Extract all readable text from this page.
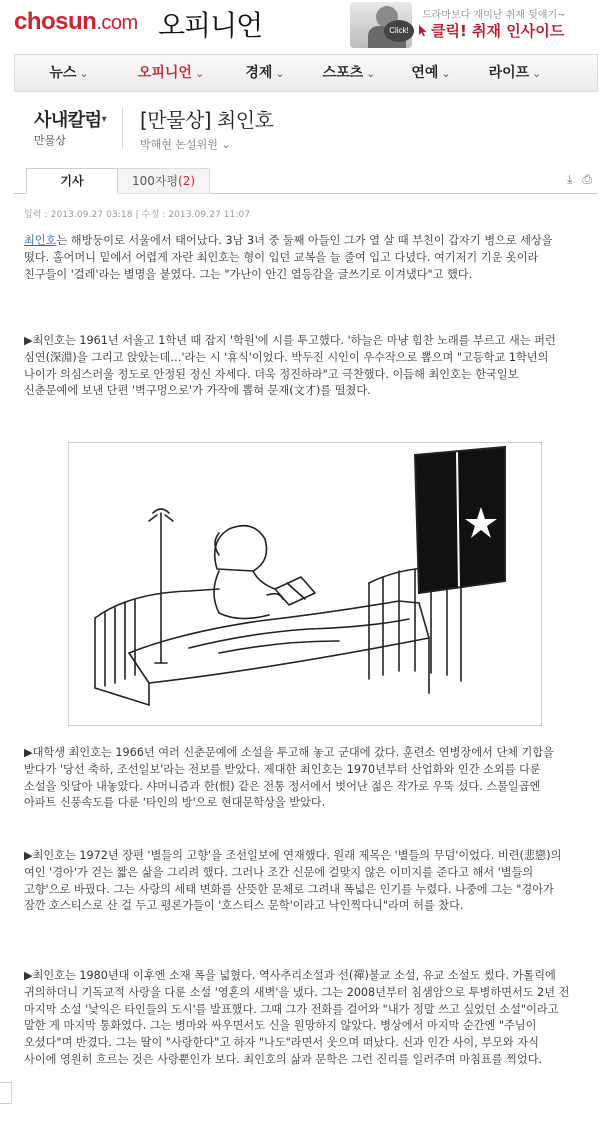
chosun.com 오피니언	Click!
드라마보다 재미난 취재 뒷얘기~
클릭! 취재 인사이드
뉴스 ⌄	오피니언 ⌄	경제 ⌄	스포츠 ⌄	연예 ⌄	라이프 ⌄
사내칼럼▾
만물상
[만물상] 최인호
박해현 논설위원 ⌄
기사	100자평(2)	⤓ ⎙
입력 : 2013.09.27 03:18 | 수정 : 2013.09.27 11:07

최인호는 해방둥이로 서울에서 태어났다. 3남 3녀 중 둘째 아들인 그가 열 살 때 부친이 갑자기 병으로 세상을 떴다. 홀어머니 밑에서 어렵게 자란 최인호는 형이 입던 교복을 늘 줄여 입고 다녔다. 여기저기 기운 옷이라 친구들이 '걸레'라는 별명을 붙였다. 그는 "가난이 안긴 열등감을 글쓰기로 이겨냈다"고 했다.

▶최인호는 1961년 서울고 1학년 때 잡지 '학원'에 시를 투고했다. '하늘은 마냥 힘찬 노래를 부르고 새는 퍼런 심연(深淵)을 그리고 앉았는데…'라는 시 '휴식'이었다. 박두진 시인이 우수작으로 뽑으며 "고등학교 1학년의 나이가 의심스러울 정도로 안정된 정신 자세다. 더욱 정진하라"고 극찬했다. 이듬해 최인호는 한국일보 신춘문예에 보낸 단편 '벽구멍으로'가 가작에 뽑혀 문재(文才)를 떨쳤다.

▶대학생 최인호는 1966년 여러 신춘문예에 소설을 투고해 놓고 군대에 갔다. 훈련소 연병장에서 단체 기합을 받다가 '당선 축하, 조선일보'라는 전보를 받았다. 제대한 최인호는 1970년부터 산업화와 인간 소외를 다룬 소설을 잇달아 내놓았다. 샤머니즘과 한(恨) 같은 전통 정서에서 벗어난 젊은 작가로 우뚝 섰다. 스물일곱엔 아파트 신풍속도를 다룬 '타인의 방'으로 현대문학상을 받았다.

▶최인호는 1972년 장편 '별들의 고향'을 조선일보에 연재했다. 원래 제목은 '별들의 무덤'이었다. 비련(悲戀)의 여인 '경아'가 걷는 짧은 삶을 그리려 했다. 그러나 조간 신문에 걸맞지 않은 이미지를 준다고 해서 '별들의 고향'으로 바꿨다. 그는 사랑의 세태 변화를 산뜻한 문체로 그려내 폭넓은 인기를 누렸다. 나중에 그는 "경아가 잠깐 호스티스로 산 걸 두고 평론가들이 '호스티스 문학'이라고 낙인찍다니"라며 허를 찼다.

▶최인호는 1980년대 이후엔 소재 폭을 넓혔다. 역사추리소설과 선(禪)불교 소설, 유교 소설도 썼다. 가톨릭에 귀의하더니 기독교적 사랑을 다룬 소설 '영혼의 새벽'을 냈다. 그는 2008년부터 침샘암으로 투병하면서도 2년 전 마지막 소설 '낯익은 타인들의 도시'를 발표했다. 그때 그가 전화를 걸어와 "내가 정말 쓰고 싶었던 소설"이라고 말한 게 마지막 통화였다. 그는 병마와 싸우면서도 신을 원망하지 않았다. 병상에서 마지막 순간엔 "주님이 오셨다"며 반겼다. 그는 딸이 "사랑한다"고 하자 "나도"라면서 웃으며 떠났다. 신과 인간 사이, 부모와 자식 사이에 영원히 흐르는 것은 사랑뿐인가 보다. 최인호의 삶과 문학은 그런 진리를 일러주며 마침표를 찍었다.
